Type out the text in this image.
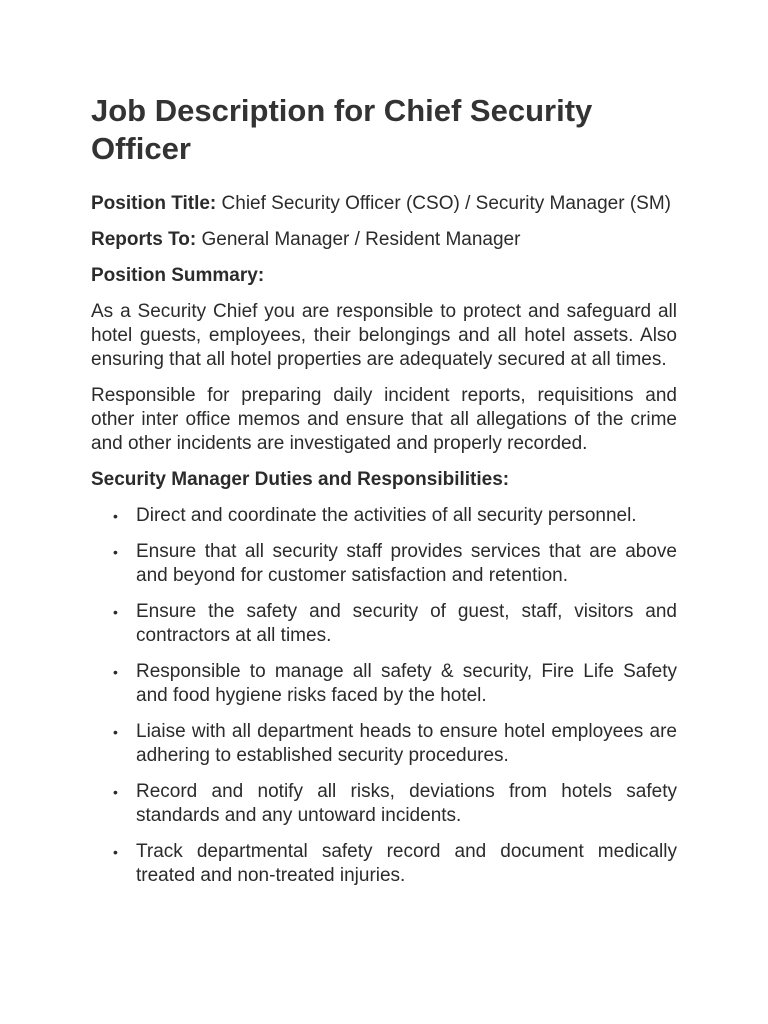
Job Description for Chief Security Officer

Position Title: Chief Security Officer (CSO) / Security Manager (SM)

Reports To: General Manager / Resident Manager

Position Summary:

As a Security Chief you are responsible to protect and safeguard all hotel guests, employees, their belongings and all hotel assets. Also ensuring that all hotel properties are adequately secured at all times.

Responsible for preparing daily incident reports, requisitions and other inter office memos and ensure that all allegations of the crime and other incidents are investigated and properly recorded.

Security Manager Duties and Responsibilities:
• Direct and coordinate the activities of all security personnel.
• Ensure that all security staff provides services that are above and beyond for customer satisfaction and retention.
• Ensure the safety and security of guest, staff, visitors and contractors at all times.
• Responsible to manage all safety & security, Fire Life Safety and food hygiene risks faced by the hotel.
• Liaise with all department heads to ensure hotel employees are adhering to established security procedures.
• Record and notify all risks, deviations from hotels safety standards and any untoward incidents.
• Track departmental safety record and document medically treated and non-treated injuries.
